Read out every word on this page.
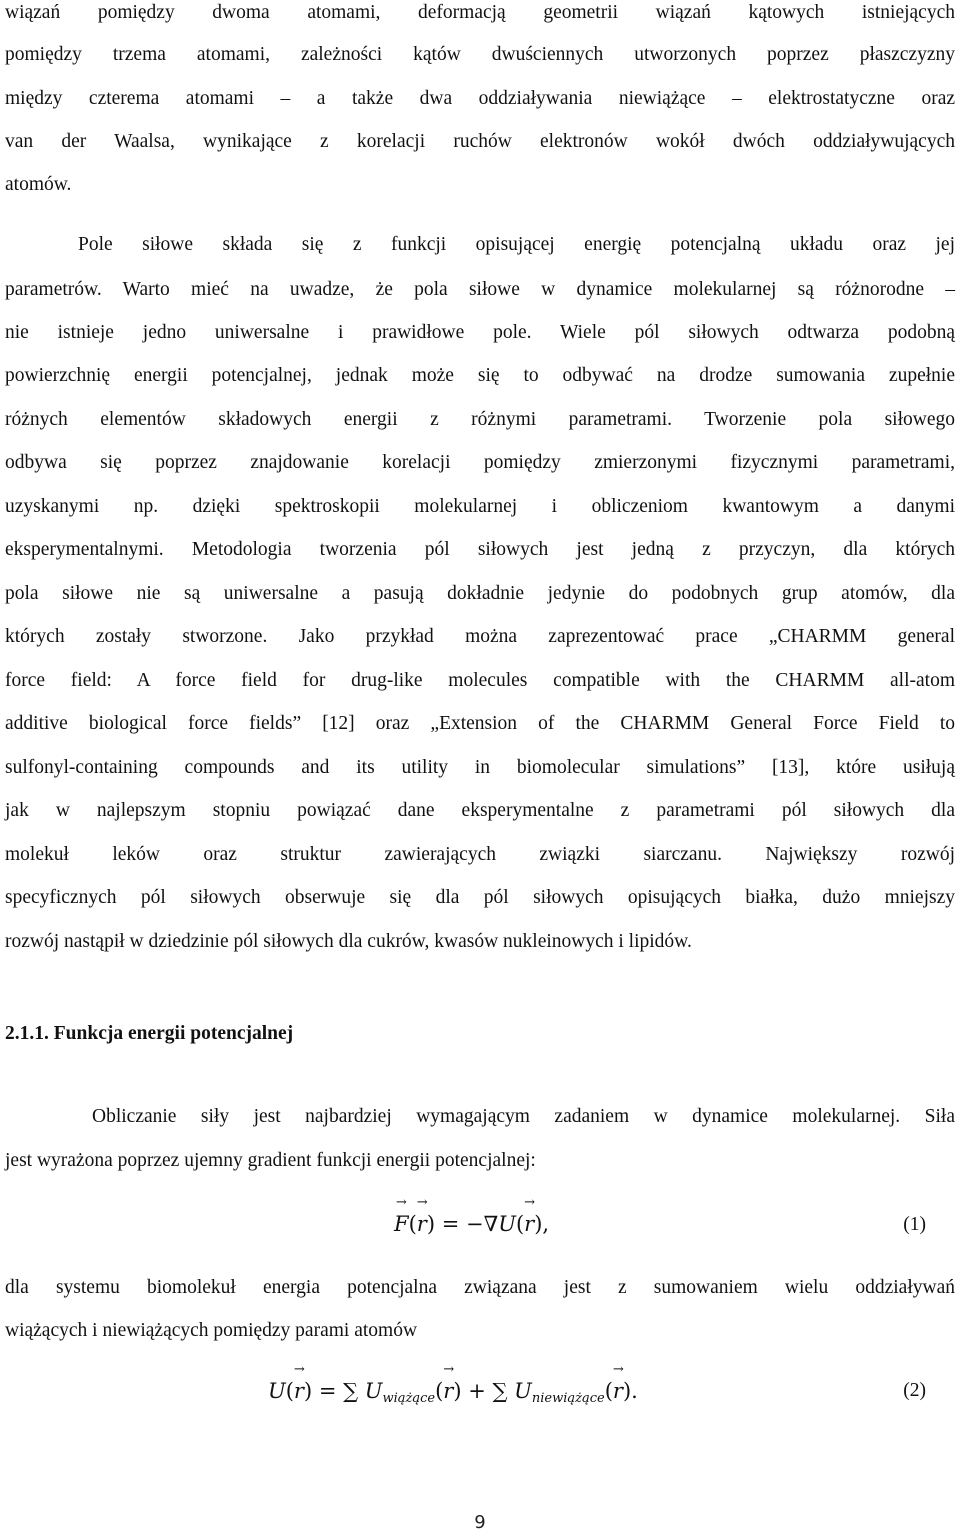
wiązań pomiędzy dwoma atomami, deformacją geometrii wiązań kątowych istniejących
pomiędzy trzema atomami, zależności kątów dwuściennych utworzonych poprzez płaszczyzny
między czterema atomami – a także dwa oddziaływania niewiążące – elektrostatyczne oraz
van der Waalsa, wynikające z korelacji ruchów elektronów wokół dwóch oddziaływujących
atomów.
Pole siłowe składa się z funkcji opisującej energię potencjalną układu oraz jej
parametrów. Warto mieć na uwadze, że pola siłowe w dynamice molekularnej są różnorodne –
nie istnieje jedno uniwersalne i prawidłowe pole. Wiele pól siłowych odtwarza podobną
powierzchnię energii potencjalnej, jednak może się to odbywać na drodze sumowania zupełnie
różnych elementów składowych energii z różnymi parametrami. Tworzenie pola siłowego
odbywa się poprzez znajdowanie korelacji pomiędzy zmierzonymi fizycznymi parametrami,
uzyskanymi np. dzięki spektroskopii molekularnej i obliczeniom kwantowym a danymi
eksperymentalnymi. Metodologia tworzenia pól siłowych jest jedną z przyczyn, dla których
pola siłowe nie są uniwersalne a pasują dokładnie jedynie do podobnych grup atomów, dla
których zostały stworzone. Jako przykład można zaprezentować prace „CHARMM general
force field: A force field for drug-like molecules compatible with the CHARMM all-atom
additive biological force fields” [12] oraz „Extension of the CHARMM General Force Field to
sulfonyl-containing compounds and its utility in biomolecular simulations” [13], które usiłują
jak w najlepszym stopniu powiązać dane eksperymentalne z parametrami pól siłowych dla
molekuł leków oraz struktur zawierających związki siarczanu. Największy rozwój
specyficznych pól siłowych obserwuje się dla pól siłowych opisujących białka, dużo mniejszy
rozwój nastąpił w dziedzinie pól siłowych dla cukrów, kwasów nukleinowych i lipidów.
2.1.1. Funkcja energii potencjalnej
Obliczanie siły jest najbardziej wymagającym zadaniem w dynamice molekularnej. Siła
jest wyrażona poprzez ujemny gradient funkcji energii potencjalnej:
→ F(→ r) = −∇U(→ r),	(1)
dla systemu biomolekuł energia potencjalna związana jest z sumowaniem wielu oddziaływań
wiążących i niewiążących pomiędzy parami atomów
U(→ r) = ∑ $U_{wiążące}(\to r)$ + ∑ $U_{niewiążące}(\to r)$.	(2)
9
